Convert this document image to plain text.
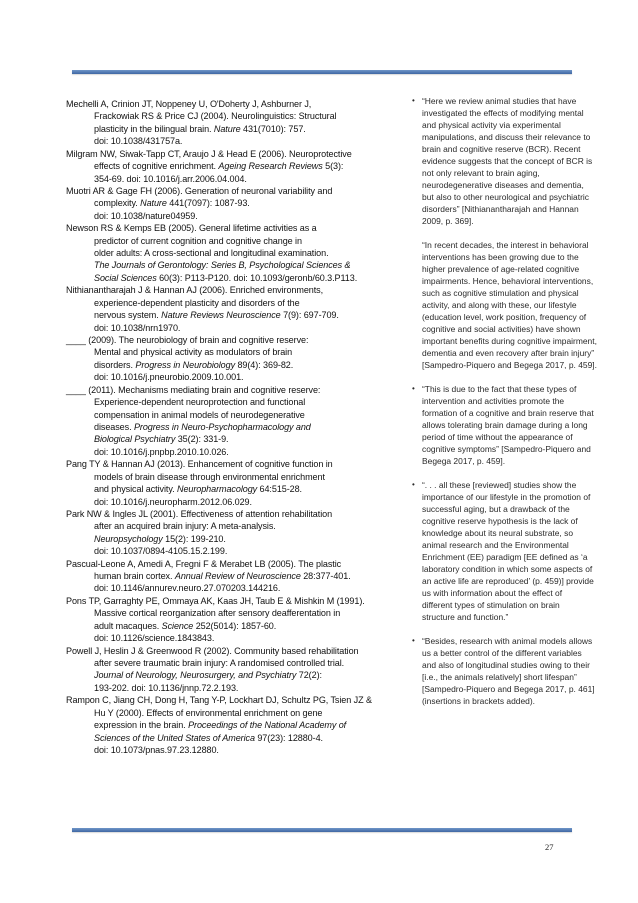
Mechelli A, Crinion JT, Noppeney U, O'Doherty J, Ashburner J,
Frackowiak RS & Price CJ (2004). Neurolinguistics: Structural
plasticity in the bilingual brain. Nature 431(7010): 757.
doi: 10.1038/431757a.
Milgram NW, Siwak-Tapp CT, Araujo J & Head E (2006). Neuroprotective
effects of cognitive enrichment. Ageing Research Reviews 5(3):
354-69. doi: 10.1016/j.arr.2006.04.004.
Muotri AR & Gage FH (2006). Generation of neuronal variability and
complexity. Nature 441(7097): 1087-93.
doi: 10.1038/nature04959.
Newson RS & Kemps EB (2005). General lifetime activities as a
predictor of current cognition and cognitive change in
older adults: A cross-sectional and longitudinal examination.
The Journals of Gerontology: Series B, Psychological Sciences &
Social Sciences 60(3): P113-P120. doi: 10.1093/geronb/60.3.P113.
Nithianantharajah J & Hannan AJ (2006). Enriched environments,
experience-dependent plasticity and disorders of the
nervous system. Nature Reviews Neuroscience 7(9): 697-709.
doi: 10.1038/nrn1970.
____ (2009). The neurobiology of brain and cognitive reserve:
Mental and physical activity as modulators of brain
disorders. Progress in Neurobiology 89(4): 369-82.
doi: 10.1016/j.pneurobio.2009.10.001.
____ (2011). Mechanisms mediating brain and cognitive reserve:
Experience-dependent neuroprotection and functional
compensation in animal models of neurodegenerative
diseases. Progress in Neuro-Psychopharmacology and
Biological Psychiatry 35(2): 331-9.
doi: 10.1016/j.pnpbp.2010.10.026.
Pang TY & Hannan AJ (2013). Enhancement of cognitive function in
models of brain disease through environmental enrichment
and physical activity. Neuropharmacology 64:515-28.
doi: 10.1016/j.neuropharm.2012.06.029.
Park NW & Ingles JL (2001). Effectiveness of attention rehabilitation
after an acquired brain injury: A meta-analysis.
Neuropsychology 15(2): 199-210.
doi: 10.1037/0894-4105.15.2.199.
Pascual-Leone A, Amedi A, Fregni F & Merabet LB (2005). The plastic
human brain cortex. Annual Review of Neuroscience 28:377-401.
doi: 10.1146/annurev.neuro.27.070203.144216.
Pons TP, Garraghty PE, Ommaya AK, Kaas JH, Taub E & Mishkin M (1991).
Massive cortical reorganization after sensory deafferentation in
adult macaques. Science 252(5014): 1857-60.
doi: 10.1126/science.1843843.
Powell J, Heslin J & Greenwood R (2002). Community based rehabilitation
after severe traumatic brain injury: A randomised controlled trial.
Journal of Neurology, Neurosurgery, and Psychiatry 72(2):
193-202. doi: 10.1136/jnnp.72.2.193.
Rampon C, Jiang CH, Dong H, Tang Y-P, Lockhart DJ, Schultz PG, Tsien JZ &
Hu Y (2000). Effects of environmental enrichment on gene
expression in the brain. Proceedings of the National Academy of
Sciences of the United States of America 97(23): 12880-4.
doi: 10.1073/pnas.97.23.12880.
• “Here we review animal studies that have
investigated the effects of modifying mental
and physical activity via experimental
manipulations, and discuss their relevance to
brain and cognitive reserve (BCR). Recent
evidence suggests that the concept of BCR is
not only relevant to brain aging,
neurodegenerative diseases and dementia,
but also to other neurological and psychiatric
disorders” [Nithianantharajah and Hannan
2009, p. 369].
“In recent decades, the interest in behavioral
interventions has been growing due to the
higher prevalence of age-related cognitive
impairments. Hence, behavioral interventions,
such as cognitive stimulation and physical
activity, and along with these, our lifestyle
(education level, work position, frequency of
cognitive and social activities) have shown
important benefits during cognitive impairment,
dementia and even recovery after brain injury”
[Sampedro-Piquero and Begega 2017, p. 459].
• “This is due to the fact that these types of
intervention and activities promote the
formation of a cognitive and brain reserve that
allows tolerating brain damage during a long
period of time without the appearance of
cognitive symptoms” [Sampedro-Piquero and
Begega 2017, p. 459].
• “. . . all these [reviewed] studies show the
importance of our lifestyle in the promotion of
successful aging, but a drawback of the
cognitive reserve hypothesis is the lack of
knowledge about its neural substrate, so
animal research and the Environmental
Enrichment (EE) paradigm [EE defined as ‘a
laboratory condition in which some aspects of
an active life are reproduced’ (p. 459)] provide
us with information about the effect of
different types of stimulation on brain
structure and function.”
• “Besides, research with animal models allows
us a better control of the different variables
and also of longitudinal studies owing to their
[i.e., the animals relatively] short lifespan”
[Sampedro-Piquero and Begega 2017, p. 461]
(insertions in brackets added).
27
